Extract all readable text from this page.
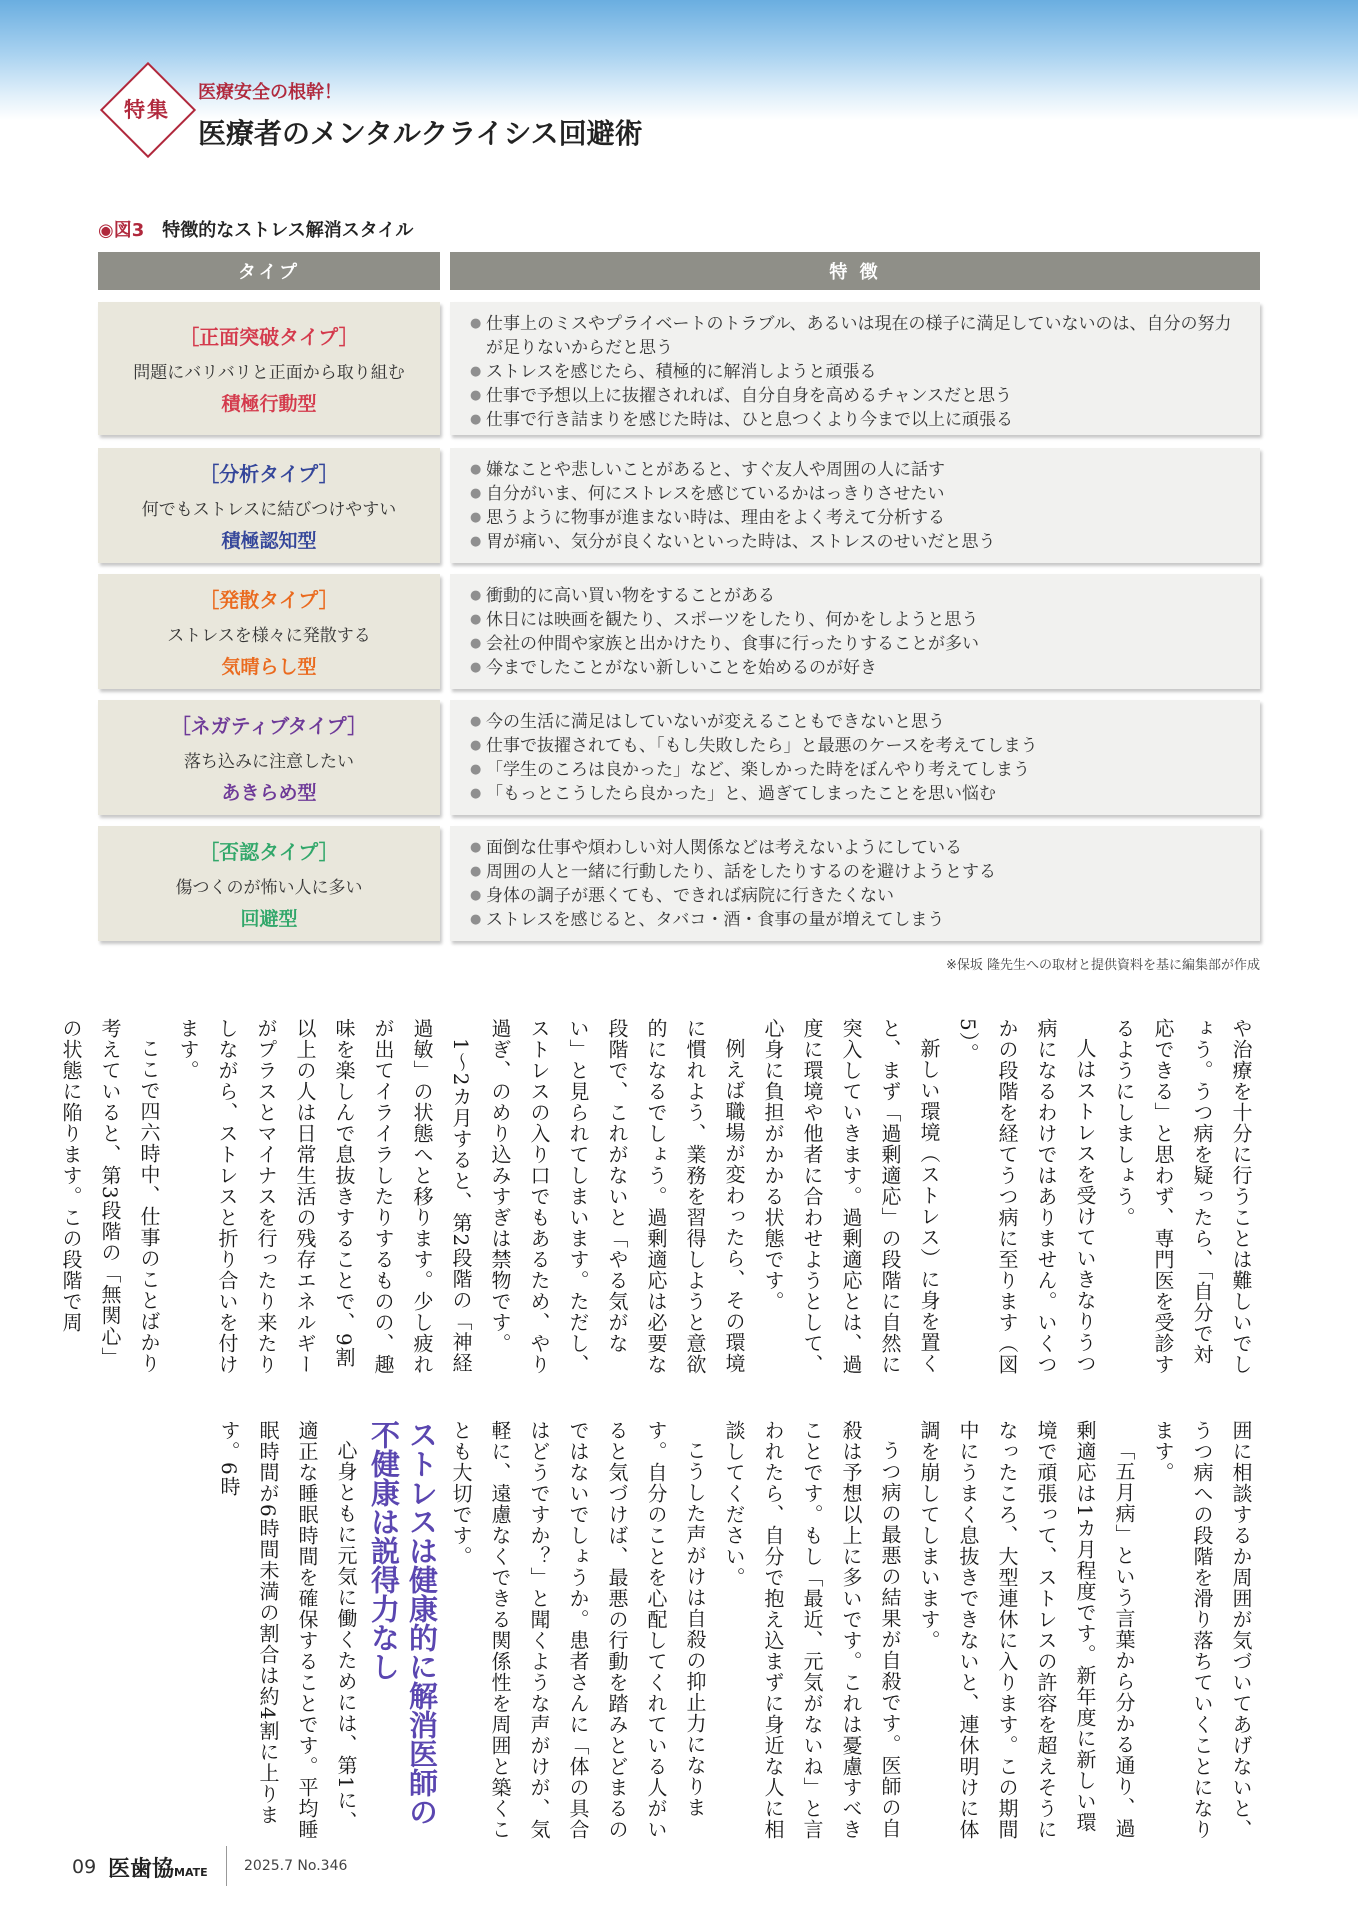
特集
医療安全の根幹！
医療者のメンタルクライシス回避術
◉図3　 特徴的なストレス解消スタイル
タイプ	特 徴
［正面突破タイプ］
問題にバリバリと正面から取り組む
積極行動型
● 仕事上のミスやプライベートのトラブル、あるいは現在の様子に満足していないのは、自分の努力が足りないからだと思う
● ストレスを感じたら、積極的に解消しようと頑張る
● 仕事で予想以上に抜擢されれば、自分自身を高めるチャンスだと思う
● 仕事で行き詰まりを感じた時は、ひと息つくより今まで以上に頑張る
［分析タイプ］
何でもストレスに結びつけやすい
積極認知型
● 嫌なことや悲しいことがあると、すぐ友人や周囲の人に話す
● 自分がいま、何にストレスを感じているかはっきりさせたい
● 思うように物事が進まない時は、理由をよく考えて分析する
● 胃が痛い、気分が良くないといった時は、ストレスのせいだと思う
［発散タイプ］
ストレスを様々に発散する
気晴らし型
● 衝動的に高い買い物をすることがある
● 休日には映画を観たり、スポーツをしたり、何かをしようと思う
● 会社の仲間や家族と出かけたり、食事に行ったりすることが多い
● 今までしたことがない新しいことを始めるのが好き
［ネガティブタイプ］
落ち込みに注意したい
あきらめ型
● 今の生活に満足はしていないが変えることもできないと思う
● 仕事で抜擢されても、「もし失敗したら」と最悪のケースを考えてしまう
● 「学生のころは良かった」など、楽しかった時をぼんやり考えてしまう
● 「もっとこうしたら良かった」と、過ぎてしまったことを思い悩む
［否認タイプ］
傷つくのが怖い人に多い
回避型
● 面倒な仕事や煩わしい対人関係などは考えないようにしている
● 周囲の人と一緒に行動したり、話をしたりするのを避けようとする
● 身体の調子が悪くても、できれば病院に行きたくない
● ストレスを感じると、タバコ・酒・食事の量が増えてしまう
※保坂 隆先生への取材と提供資料を基に編集部が作成

や治療を十分に行うことは難しいでしょう。うつ病を疑ったら、「自分で対応できる」と思わず、専門医を受診するようにしましょう。

人はストレスを受けていきなりうつ病になるわけではありません。いくつかの段階を経てうつ病に至ります（図5）。

新しい環境（ストレス）に身を置くと、まず「過剰適応」の段階に自然に突入していきます。過剰適応とは、過度に環境や他者に合わせようとして、心身に負担がかかる状態です。

例えば職場が変わったら、その環境に慣れよう、業務を習得しようと意欲的になるでしょう。過剰適応は必要な段階で、これがないと「やる気がない」と見られてしまいます。ただし、ストレスの入り口でもあるため、やり過ぎ、のめり込みすぎは禁物です。

1～2カ月すると、第2段階の「神経過敏」の状態へと移ります。少し疲れが出てイライラしたりするものの、趣味を楽しんで息抜きすることで、9割以上の人は日常生活の残存エネルギーがプラスとマイナスを行ったり来たりしながら、ストレスと折り合いを付けます。

ここで四六時中、仕事のことばかり考えていると、第3段階の「無関心」の状態に陥ります。この段階で周

囲に相談するか周囲が気づいてあげないと、うつ病への段階を滑り落ちていくことになります。

「五月病」という言葉から分かる通り、過剰適応は1カ月程度です。新年度に新しい環境で頑張って、ストレスの許容を超えそうになったころ、大型連休に入ります。この期間中にうまく息抜きできないと、連休明けに体調を崩してしまいます。

うつ病の最悪の結果が自殺です。医師の自殺は予想以上に多いです。これは憂慮すべきことです。もし「最近、元気がないね」と言われたら、自分で抱え込まずに身近な人に相談してください。

こうした声がけは自殺の抑止力になります。自分のことを心配してくれている人がいると気づけば、最悪の行動を踏みとどまるのではないでしょうか。患者さんに「体の具合はどうですか？」と聞くような声がけが、気軽に、遠慮なくできる関係性を周囲と築くことも大切です。

ストレスは健康的に解消医師の不健康は説得力なし

心身ともに元気に働くためには、第1に、適正な睡眠時間を確保することです。平均睡眠時間が6時間未満の割合は約4割に上ります。6時

09 医歯協MATE	2025.7 No.346
